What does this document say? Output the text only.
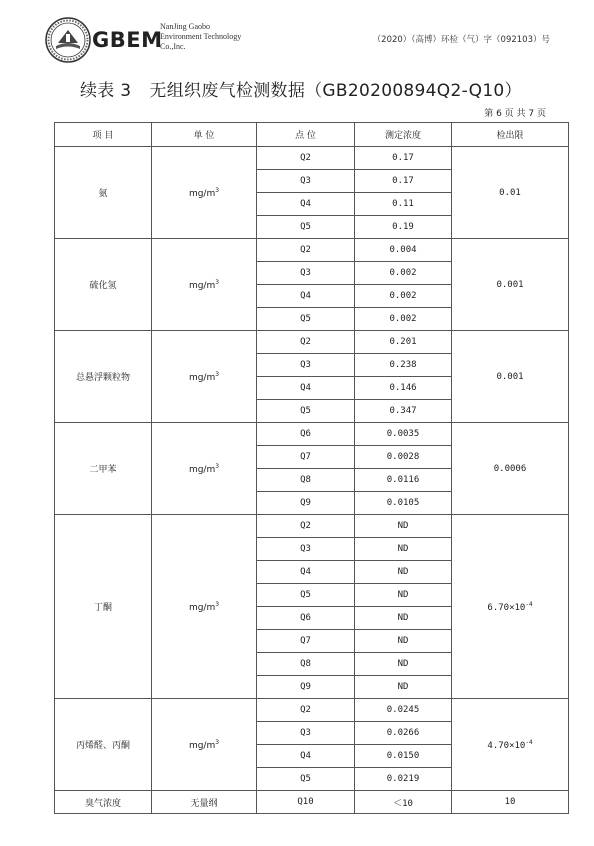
GBEM
NanJing Gaobo
Environment Technology
Co.,Inc.
（2020）（高博）环检（气）字（092103）号
续表 3 无组织废气检测数据（GB20200894Q2-Q10）
第 6 页 共 7 页
项 目	单 位	点 位	测定浓度	检出限
氨	$mg/m^3$	Q2	0.17	0.01
		Q3	0.17	
		Q4	0.11	
		Q5	0.19	
硫化氢	$mg/m^3$	Q2	0.004	0.001
		Q3	0.002	
		Q4	0.002	
		Q5	0.002	
总悬浮颗粒物	$mg/m^3$	Q2	0.201	0.001
		Q3	0.238	
		Q4	0.146	
		Q5	0.347	
二甲苯	$mg/m^3$	Q6	0.0035	0.0006
		Q7	0.0028	
		Q8	0.0116	
		Q9	0.0105	
丁酮	$mg/m^3$	Q2	ND	$6.70\times 10^{-4}$
		Q3	ND	
		Q4	ND	
		Q5	ND	
		Q6	ND	
		Q7	ND	
		Q8	ND	
		Q9	ND	
丙烯醛、丙酮	$mg/m^3$	Q2	0.0245	$4.70\times 10^{-4}$
		Q3	0.0266	
		Q4	0.0150	
		Q5	0.0219	
臭气浓度	无量纲	Q10	＜10	10
